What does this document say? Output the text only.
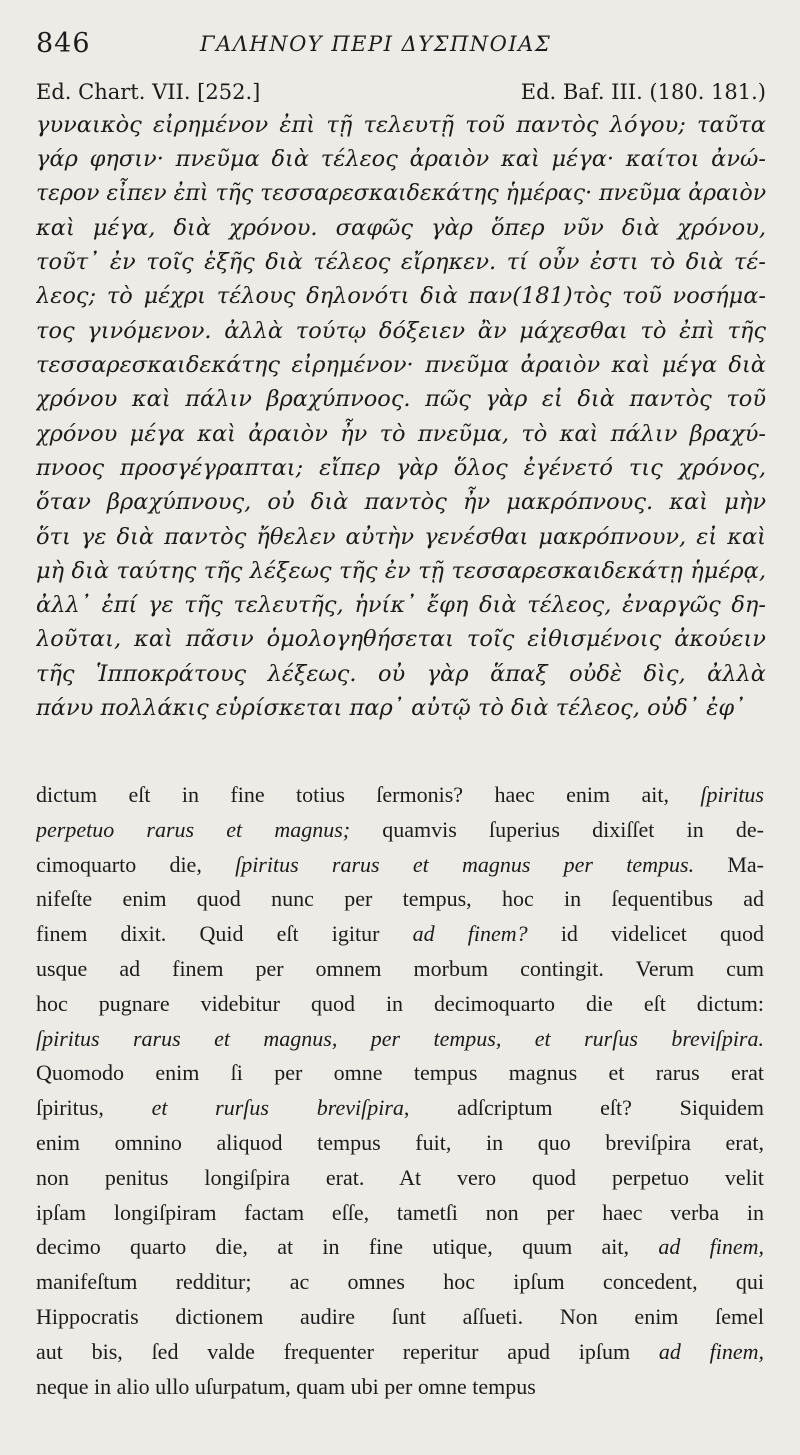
846	ΓΑΛΗΝΟΥ ΠΕΡΙ ΔΥΣΠΝΟΙΑΣ
Ed. Chart. VII. [252.]	Ed. Baf. III. (180. 181.)
γυναικὸς εἰρημένον ἐπὶ τῇ τελευτῇ τοῦ παντὸς λόγου; ταῦτα
γάρ φησιν· πνεῦμα διὰ τέλεος ἀραιὸν καὶ μέγα· καίτοι ἀνώ-
τερον εἶπεν ἐπὶ τῆς τεσσαρεσκαιδεκάτης ἡμέρας· πνεῦμα ἀραιὸν
καὶ μέγα, διὰ χρόνου. σαφῶς γὰρ ὅπερ νῦν διὰ χρόνου,
τοῦτ᾽ ἐν τοῖς ἑξῆς διὰ τέλεος εἴρηκεν. τί οὖν ἐστι τὸ διὰ τέ-
λεος; τὸ μέχρι τέλους δηλονότι διὰ παν(181)τὸς τοῦ νοσήμα-
τος γινόμενον. ἀλλὰ τούτῳ δόξειεν ἂν μάχεσθαι τὸ ἐπὶ τῆς
τεσσαρεσκαιδεκάτης εἰρημένον· πνεῦμα ἀραιὸν καὶ μέγα διὰ
χρόνου καὶ πάλιν βραχύπνοος. πῶς γὰρ εἰ διὰ παντὸς τοῦ
χρόνου μέγα καὶ ἀραιὸν ἦν τὸ πνεῦμα, τὸ καὶ πάλιν βραχύ-
πνοος προσγέγραπται; εἴπερ γὰρ ὅλος ἐγένετό τις χρόνος,
ὅταν βραχύπνους, οὐ διὰ παντὸς ἦν μακρόπνους. καὶ μὴν
ὅτι γε διὰ παντὸς ἤθελεν αὐτὴν γενέσθαι μακρόπνουν, εἰ καὶ
μὴ διὰ ταύτης τῆς λέξεως τῆς ἐν τῇ τεσσαρεσκαιδεκάτῃ ἡμέρᾳ,
ἀλλ᾽ ἐπί γε τῆς τελευτῆς, ἡνίκ᾽ ἔφη διὰ τέλεος, ἐναργῶς δη-
λοῦται, καὶ πᾶσιν ὁμολογηθήσεται τοῖς εἰθισμένοις ἀκούειν
τῆς Ἱπποκράτους λέξεως. οὐ γὰρ ἅπαξ οὐδὲ δὶς, ἀλλὰ
πάνυ πολλάκις εὑρίσκεται παρ᾽ αὐτῷ τὸ διὰ τέλεος, οὐδ᾽ ἐφ᾽
dictum eſt in fine totius ſermonis? haec enim ait, ſpiritus
perpetuo rarus et magnus; quamvis ſuperius dixiſſet in de-
cimoquarto die, ſpiritus rarus et magnus per tempus. Ma-
nifeſte enim quod nunc per tempus, hoc in ſequentibus ad
finem dixit. Quid eſt igitur ad finem? id videlicet quod
usque ad finem per omnem morbum contingit. Verum cum
hoc pugnare videbitur quod in decimoquarto die eſt dictum:
ſpiritus rarus et magnus, per tempus, et rurſus breviſpira.
Quomodo enim ſi per omne tempus magnus et rarus erat
ſpiritus, et rurſus breviſpira, adſcriptum eſt? Siquidem
enim omnino aliquod tempus fuit, in quo breviſpira erat,
non penitus longiſpira erat. At vero quod perpetuo velit
ipſam longiſpiram factam eſſe, tametſi non per haec verba in
decimo quarto die, at in fine utique, quum ait, ad finem,
manifeſtum redditur; ac omnes hoc ipſum concedent, qui
Hippocratis dictionem audire ſunt aſſueti. Non enim ſemel
aut bis, ſed valde frequenter reperitur apud ipſum ad finem,
neque in alio ullo uſurpatum, quam ubi per omne tempus
